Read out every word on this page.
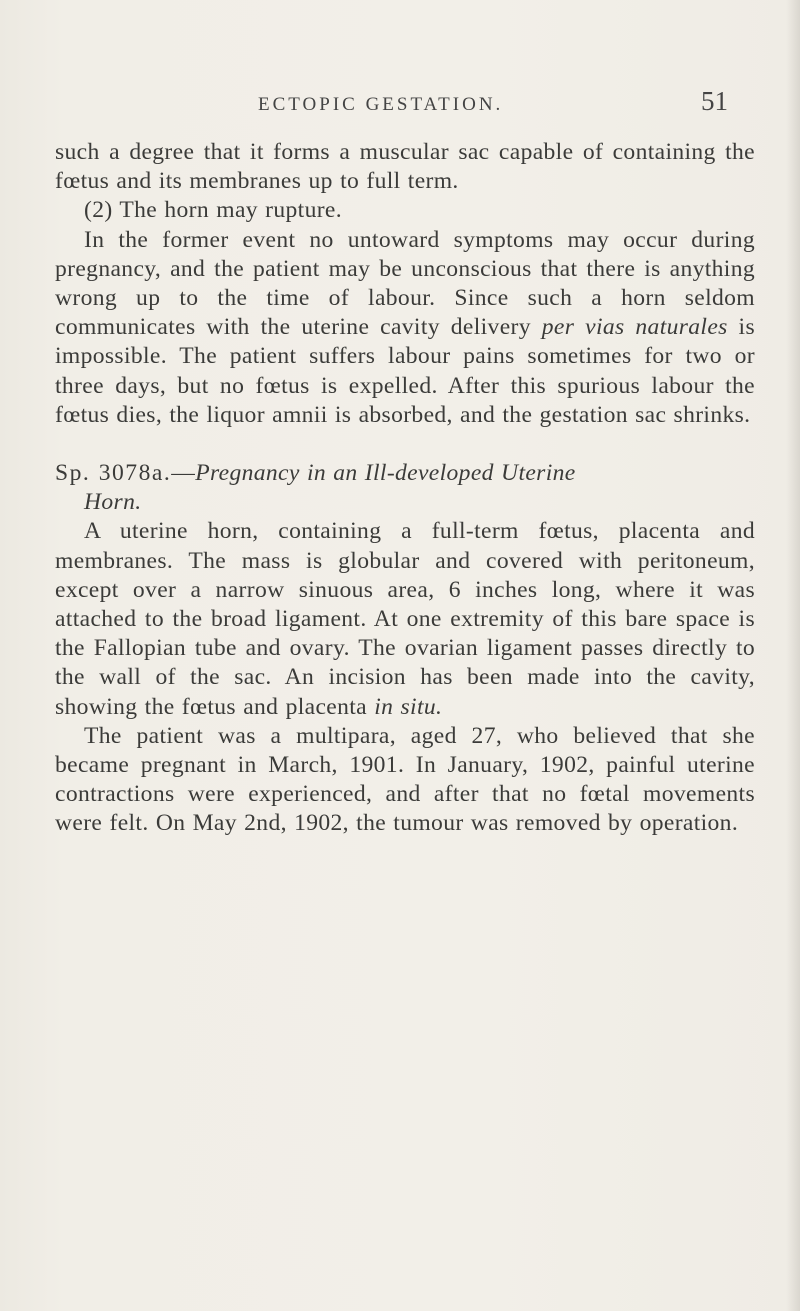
ECTOPIC GESTATION.	51

such a degree that it forms a muscular sac capable of containing the fœtus and its membranes up to full term.

(2) The horn may rupture.

In the former event no untoward symptoms may occur during pregnancy, and the patient may be unconscious that there is anything wrong up to the time of labour. Since such a horn seldom communicates with the uterine cavity delivery per vias naturales is impossible. The patient suffers labour pains sometimes for two or three days, but no fœtus is expelled. After this spurious labour the fœtus dies, the liquor amnii is absorbed, and the gestation sac shrinks.

Sp. 3078a.—Pregnancy in an Ill-developed Uterine

Horn.

A uterine horn, containing a full-term fœtus, placenta and membranes. The mass is globular and covered with peritoneum, except over a narrow sinuous area, 6 inches long, where it was attached to the broad ligament. At one extremity of this bare space is the Fallopian tube and ovary. The ovarian ligament passes directly to the wall of the sac. An incision has been made into the cavity, showing the fœtus and placenta in situ.

The patient was a multipara, aged 27, who believed that she became pregnant in March, 1901. In January, 1902, painful uterine contractions were experienced, and after that no fœtal movements were felt. On May 2nd, 1902, the tumour was removed by operation.
